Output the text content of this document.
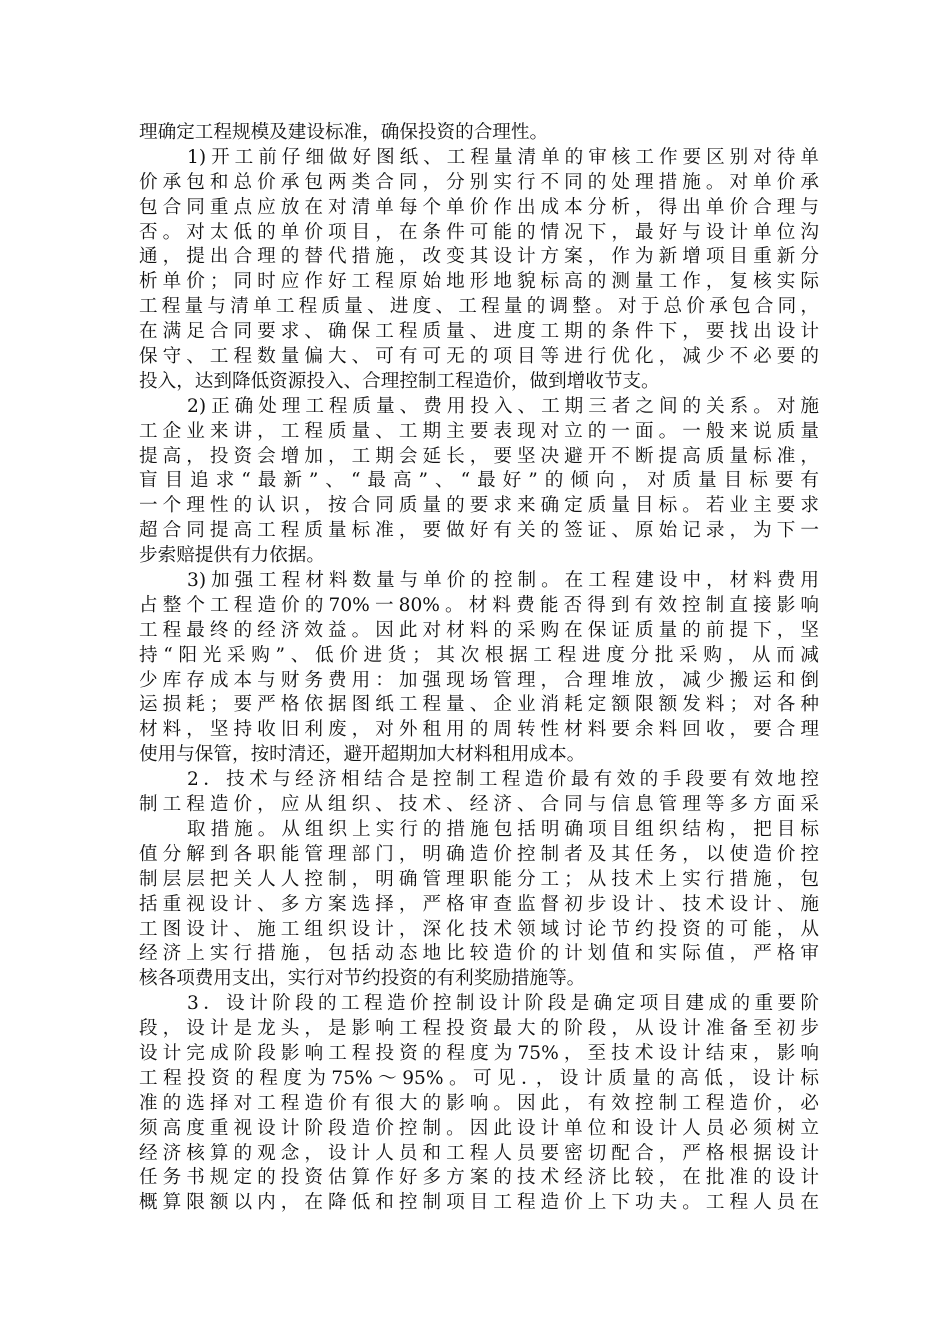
理确定工程规模及建设标准，确保投资的合理性。
1)开工前仔细做好图纸、工程量清单的审核工作要区别对待单
价承包和总价承包两类合同，分别实行不同的处理措施。对单价承
包合同重点应放在对清单每个单价作出成本分析，得出单价合理与
否。对太低的单价项目，在条件可能的情况下，最好与设计单位沟
通，提出合理的替代措施，改变其设计方案，作为新增项目重新分
析单价；同时应作好工程原始地形地貌标高的测量工作，复核实际
工程量与清单工程质量、进度、工程量的调整。对于总价承包合同，
在满足合同要求、确保工程质量、进度工期的条件下，要找出设计
保守、工程数量偏大、可有可无的项目等进行优化，减少不必要的
投入，达到降低资源投入、合理控制工程造价，做到增收节支。
2)正确处理工程质量、费用投入、工期三者之间的关系。对施
工企业来讲，工程质量、工期主要表现对立的一面。一般来说质量
提高，投资会增加，工期会延长，要坚决避开不断提高质量标准，
盲目追求“最新”、“最高”、“最好”的倾向，对质量目标要有
一个理性的认识，按合同质量的要求来确定质量目标。若业主要求
超合同提高工程质量标准，要做好有关的签证、原始记录，为下一
步索赔提供有力依据。
3)加强工程材料数量与单价的控制。在工程建设中，材料费用
占整个工程造价的70%一80%。材料费能否得到有效控制直接影响
工程最终的经济效益。因此对材料的采购在保证质量的前提下，坚
持“阳光采购”、低价进货；其次根据工程进度分批采购，从而减
少库存成本与财务费用：加强现场管理，合理堆放，减少搬运和倒
运损耗；要严格依据图纸工程量、企业消耗定额限额发料；对各种
材料，坚持收旧利废，对外租用的周转性材料要余料回收，要合理
使用与保管，按时清还，避开超期加大材料租用成本。
2．技术与经济相结合是控制工程造价最有效的手段要有效地控
制工程造价，应从组织、技术、经济、合同与信息管理等多方面采
取措施。从组织上实行的措施包括明确项目组织结构，把目标
值分解到各职能管理部门，明确造价控制者及其任务，以使造价控
制层层把关人人控制，明确管理职能分工；从技术上实行措施，包
括重视设计、多方案选择，严格审查监督初步设计、技术设计、施
工图设计、施工组织设计，深化技术领域讨论节约投资的可能，从
经济上实行措施，包括动态地比较造价的计划值和实际值，严格审
核各项费用支出，实行对节约投资的有利奖励措施等。
3．设计阶段的工程造价控制设计阶段是确定项目建成的重要阶
段，设计是龙头，是影响工程投资最大的阶段，从设计准备至初步
设计完成阶段影响工程投资的程度为75%，至技术设计结束，影响
工程投资的程度为75%～95%。可见．，设计质量的高低，设计标
准的选择对工程造价有很大的影响。因此，有效控制工程造价，必
须高度重视设计阶段造价控制。因此设计单位和设计人员必须树立
经济核算的观念，设计人员和工程人员要密切配合，严格根据设计
任务书规定的投资估算作好多方案的技术经济比较，在批准的设计
概算限额以内，在降低和控制项目工程造价上下功夫。工程人员在
